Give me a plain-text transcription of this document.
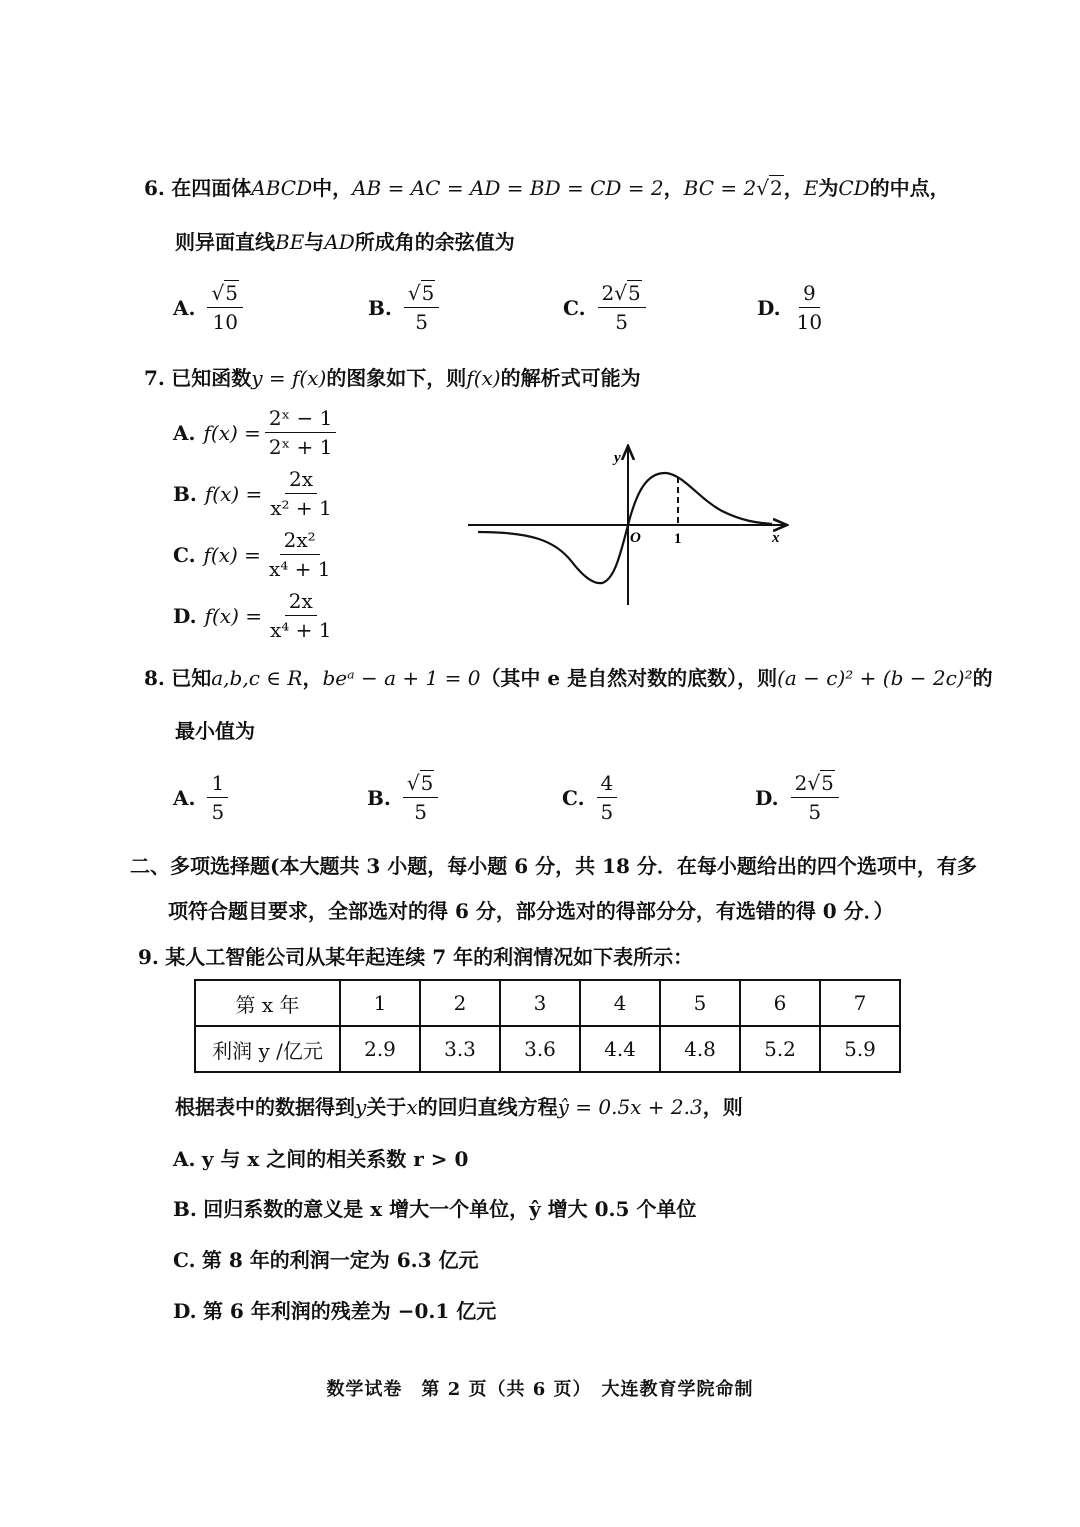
6. 在四面体ABCD中，AB = AC = AD = BD = CD = 2，BC = 2√2，E为CD的中点，
则异面直线BE与AD所成角的余弦值为
A. $\frac{√5}{10}$	B. $\frac{√5}{5}$	C. $\frac{2√5}{5}$	D. $\frac{9}{10}$
7. 已知函数y = f(x)的图象如下，则f(x)的解析式可能为
A. $f(x) = \frac{\text{2ˣ − 1}}{\text{2ˣ + 1}}$
B. $f(x) = \frac{2x}{\text{x² + 1}}$
C. $f(x) = \frac{\text{2x²}}{\text{x⁴ + 1}}$
D. $f(x) = \frac{2x}{\text{x⁴ + 1}}$
y
x
O 1
8. 已知a,b,c ∈ R，beᵃ − a + 1 = 0（其中 e 是自然对数的底数），则(a − c)² + (b − 2c)²的
最小值为
A. $\frac{1}{5}$	B. $\frac{√5}{5}$	C. $\frac{4}{5}$	D. $\frac{2√5}{5}$
二、多项选择题(本大题共 3 小题，每小题 6 分，共 18 分．在每小题给出的四个选项中，有多
项符合题目要求，全部选对的得 6 分，部分选对的得部分分，有选错的得 0 分．）
9. 某人工智能公司从某年起连续 7 年的利润情况如下表所示：
第 x 年	1	2	3	4	5	6	7
利润 y /亿元	2.9	3.3	3.6	4.4	4.8	5.2	5.9
根据表中的数据得到y关于x的回归直线方程ŷ = 0.5x + 2.3，则
A. y 与 x 之间的相关系数 r > 0
B. 回归系数的意义是 x 增大一个单位，ŷ 增大 0.5 个单位
C. 第 8 年的利润一定为 6.3 亿元
D. 第 6 年利润的残差为 −0.1 亿元
数学试卷　第 2 页（共 6 页）　大连教育学院命制
